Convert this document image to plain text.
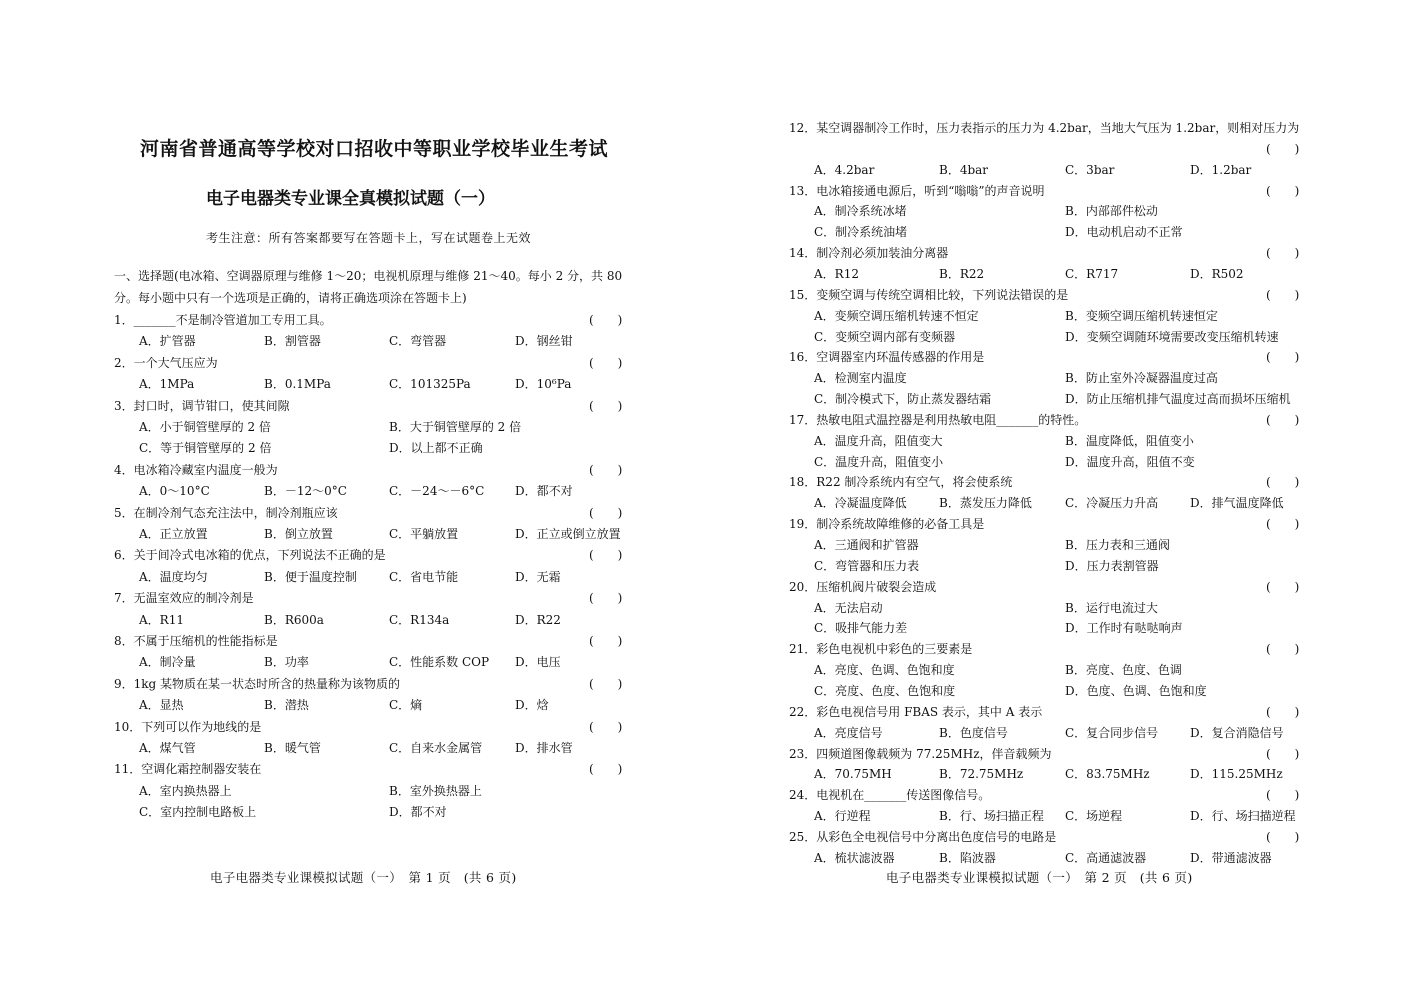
河南省普通高等学校对口招收中等职业学校毕业生考试
电子电器类专业课全真模拟试题（一）
考生注意：所有答案都要写在答题卡上，写在试题卷上无效
一、选择题(电冰箱、空调器原理与维修 1～20；电视机原理与维修 21～40。每小 2 分，共 80
分。每小题中只有一个选项是正确的，请将正确选项涂在答题卡上)
1．_______不是制冷管道加工专用工具。	(　　)
A．扩管器	B．割管器	C．弯管器	D．钢丝钳
2．一个大气压应为	(　　)
A．1MPa	B．0.1MPa	C．101325Pa	D．10⁶Pa
3．封口时，调节钳口，使其间隙	(　　)
A．小于铜管壁厚的 2 倍	B．大于铜管壁厚的 2 倍
C．等于铜管壁厚的 2 倍	D．以上都不正确
4．电冰箱冷藏室内温度一般为	(　　)
A．0～10°C	B．－12～0°C	C．－24～－6°C	D．都不对
5．在制冷剂气态充注法中，制冷剂瓶应该	(　　)
A．正立放置	B．倒立放置	C．平躺放置	D．正立或倒立放置
6．关于间冷式电冰箱的优点，下列说法不正确的是	(　　)
A．温度均匀	B．便于温度控制	C．省电节能	D．无霜
7．无温室效应的制冷剂是	(　　)
A．R11	B．R600a	C．R134a	D．R22
8．不属于压缩机的性能指标是	(　　)
A．制冷量	B．功率	C．性能系数 COP D．电压
9．1kg 某物质在某一状态时所含的热量称为该物质的	(　　)
A．显热	B．潜热	C．熵	D．焓
10．下列可以作为地线的是	(　　)
A．煤气管	B．暖气管	C．自来水金属管	D．排水管
11．空调化霜控制器安装在	(　　)
A．室内换热器上	B．室外换热器上
C．室内控制电路板上	D．都不对
电子电器类专业课模拟试题（一）　第 1 页　(共 6 页)
12．某空调器制冷工作时，压力表指示的压力为 4.2bar，当地大气压为 1.2bar，则相对压力为
(　　)
A．4.2bar	B．4bar	C．3bar	D．1.2bar
13．电冰箱接通电源后，听到“嗡嗡”的声音说明	(　　)
A．制冷系统冰堵	B．内部部件松动
C．制冷系统油堵	D．电动机启动不正常
14．制冷剂必须加装油分离器	(　　)
A．R12	B．R22	C．R717	D．R502
15．变频空调与传统空调相比较，下列说法错误的是	(　　)
A．变频空调压缩机转速不恒定	B．变频空调压缩机转速恒定
C．变频空调内部有变频器	D．变频空调随环境需要改变压缩机转速
16．空调器室内环温传感器的作用是	(　　)
A．检测室内温度	B．防止室外冷凝器温度过高
C．制冷模式下，防止蒸发器结霜	D．防止压缩机排气温度过高而损坏压缩机
17．热敏电阻式温控器是利用热敏电阻_______的特性。	(　　)
A．温度升高，阻值变大	B．温度降低，阻值变小
C．温度升高，阻值变小	D．温度升高，阻值不变
18．R22 制冷系统内有空气，将会使系统	(　　)
A．冷凝温度降低	B．蒸发压力降低	C．冷凝压力升高	D．排气温度降低
19．制冷系统故障维修的必备工具是	(　　)
A．三通阀和扩管器	B．压力表和三通阀
C．弯管器和压力表	D．压力表割管器
20．压缩机阀片破裂会造成	(　　)
A．无法启动	B．运行电流过大
C．吸排气能力差	D．工作时有哒哒响声
21．彩色电视机中彩色的三要素是	(　　)
A．亮度、色调、色饱和度	B．亮度、色度、色调
C．亮度、色度、色饱和度	D．色度、色调、色饱和度
22．彩色电视信号用 FBAS 表示，其中 A 表示	(　　)
A．亮度信号	B．色度信号	C．复合同步信号	D．复合消隐信号
23．四频道图像载频为 77.25MHz，伴音载频为	(　　)
A．70.75MH	B．72.75MHz	C．83.75MHz	D．115.25MHz
24．电视机在_______传送图像信号。	(　　)
A．行逆程	B．行、场扫描正程 C．场逆程	D．行、场扫描逆程
25．从彩色全电视信号中分离出色度信号的电路是	(　　)
A．梳状滤波器	B．陷波器	C．高通滤波器	D．带通滤波器
电子电器类专业课模拟试题（一）　第 2 页　(共 6 页)
